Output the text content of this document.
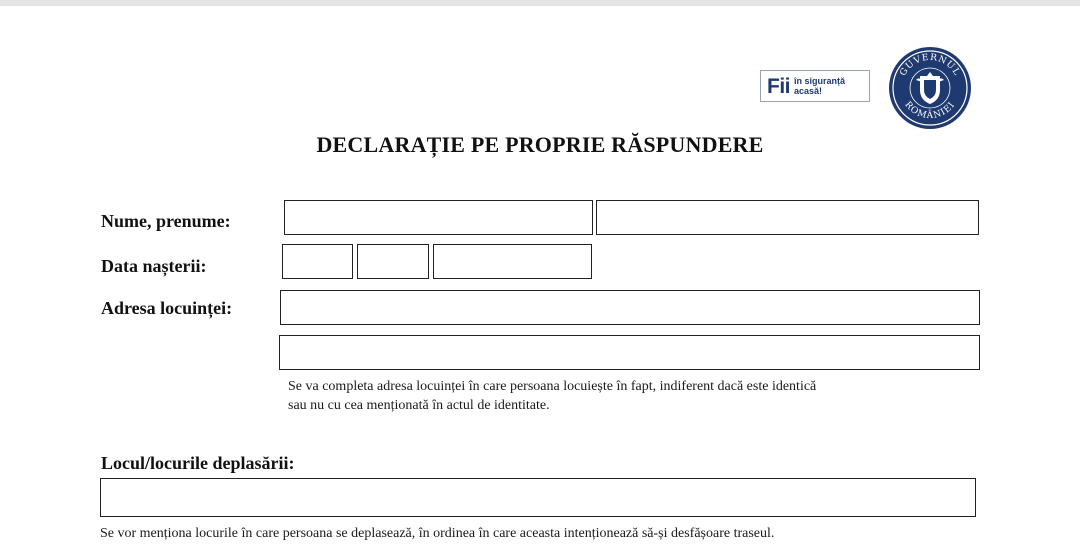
Fii în siguranță
acasă!
GUVERNUL
ROMÂNIEI
DECLARAȚIE PE PROPRIE RĂSPUNDERE
Nume, prenume:
Data nașterii:
Adresa locuinței:
Se va completa adresa locuinței în care persoana locuiește în fapt, indiferent dacă este identică
sau nu cu cea menționată în actul de identitate.
Locul/locurile deplasării:
Se vor menționa locurile în care persoana se deplasează, în ordinea în care aceasta intenționează să-și desfășoare traseul.
